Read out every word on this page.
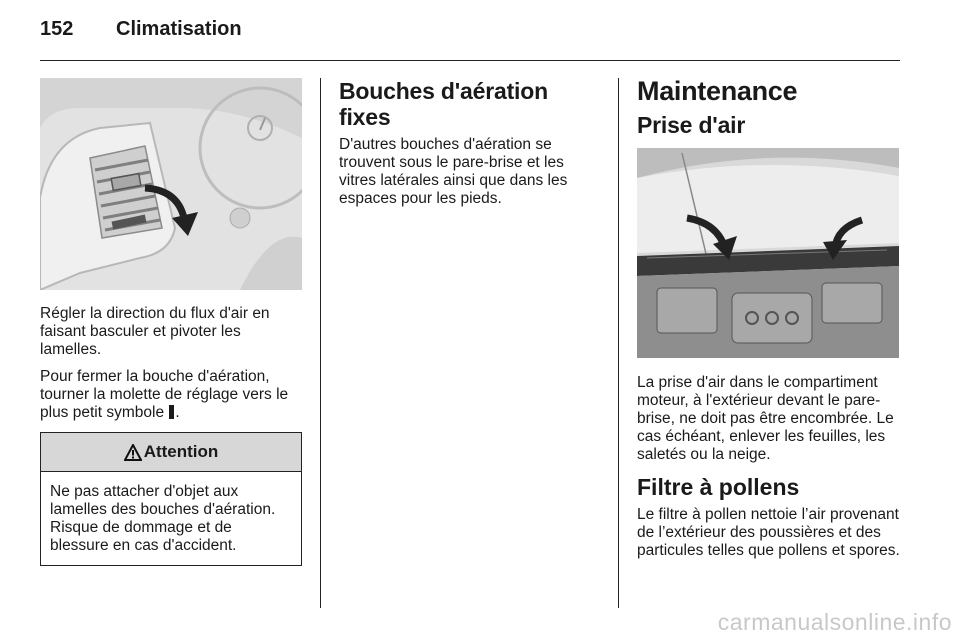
152 Climatisation

Régler la direction du flux d'air en faisant basculer et pivoter les lamelles.

Pour fermer la bouche d'aération, tourner la molette de réglage vers le plus petit symbole .

Attention

Ne pas attacher d'objet aux lamelles des bouches d'aération. Risque de dommage et de blessure en cas d'accident.

Bouches d'aération fixes

D'autres bouches d'aération se trouvent sous le pare-brise et les vitres latérales ainsi que dans les espaces pour les pieds.

Maintenance
Prise d'air

La prise d'air dans le compartiment moteur, à l'extérieur devant le pare-brise, ne doit pas être encombrée. Le cas échéant, enlever les feuilles, les saletés ou la neige.

Filtre à pollens

Le filtre à pollen nettoie l’air provenant de l’extérieur des poussières et des particules telles que pollens et spores.

carmanualsonline.info
